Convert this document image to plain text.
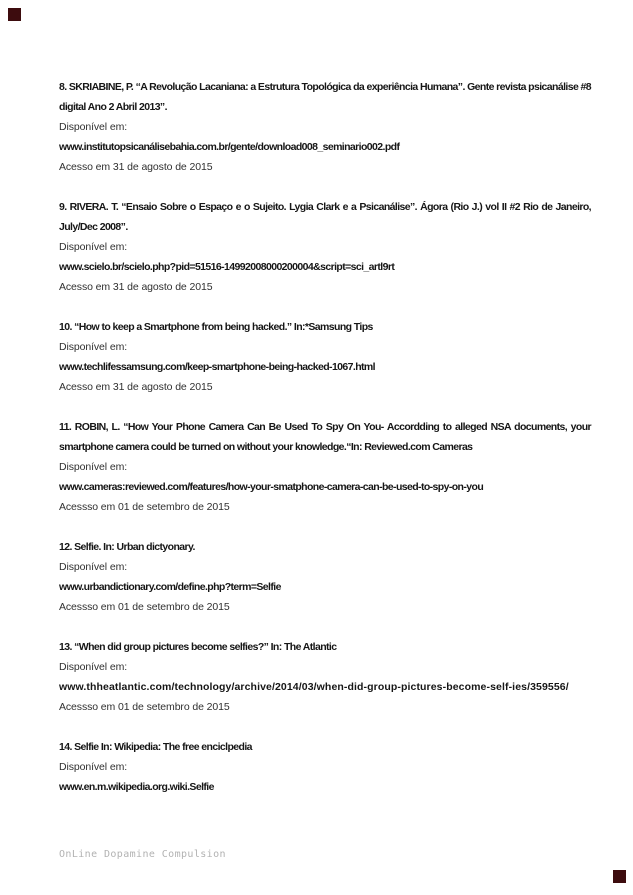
8. SKRIABINE, P. “A Revolução Lacaniana: a Estrutura Topológica da experiência Humana”. Gente revista psicanálise #8 digital Ano 2 Abril 2013”.

Disponível em:

www.institutopsicanálisebahia.com.br/gente/download008_seminario002.pdf

Acesso em 31 de agosto de 2015

9. RIVERA. T. “Ensaio Sobre o Espaço e o Sujeito. Lygia Clark e a Psicanálise”. Ágora (Rio J.) vol II #2 Rio de Janeiro, July/Dec 2008”.

Disponível em:

www.scielo.br/scielo.php?pid=51516-14992008000200004&script=sci_artl9rt

Acesso em 31 de agosto de 2015

10. “How to keep a Smartphone from being hacked.” In:*Samsung Tips

Disponível em:

www.techlifessamsung.com/keep-smartphone-being-hacked-1067.html

Acesso em 31 de agosto de 2015

11. ROBIN, L. “How Your Phone Camera Can Be Used To Spy On You- Accordding to alleged NSA documents, your smartphone camera could be turned on without your knowledge.“In: Reviewed.com Cameras

Disponível em:

www.cameras:reviewed.com/features/how-your-smatphone-camera-can-be-used-to-spy-on-you

Acessso em 01 de setembro de 2015

12. Selfie. In: Urban dictyonary.

Disponível em:

www.urbandictionary.com/define.php?term=Selfie

Acessso em 01 de setembro de 2015

13. “When did group pictures become selfies?” In: The Atlantic

Disponível em:

www.thheatlantic.com/technology/archive/2014/03/when-did-group-pictures-become-self-ies/359556/

Acessso em 01 de setembro de 2015

14. Selfie In: Wikipedia: The free enciclpedia

Disponível em:

www.en.m.wikipedia.org.wiki.Selfie

OnLine Dopamine Compulsion
